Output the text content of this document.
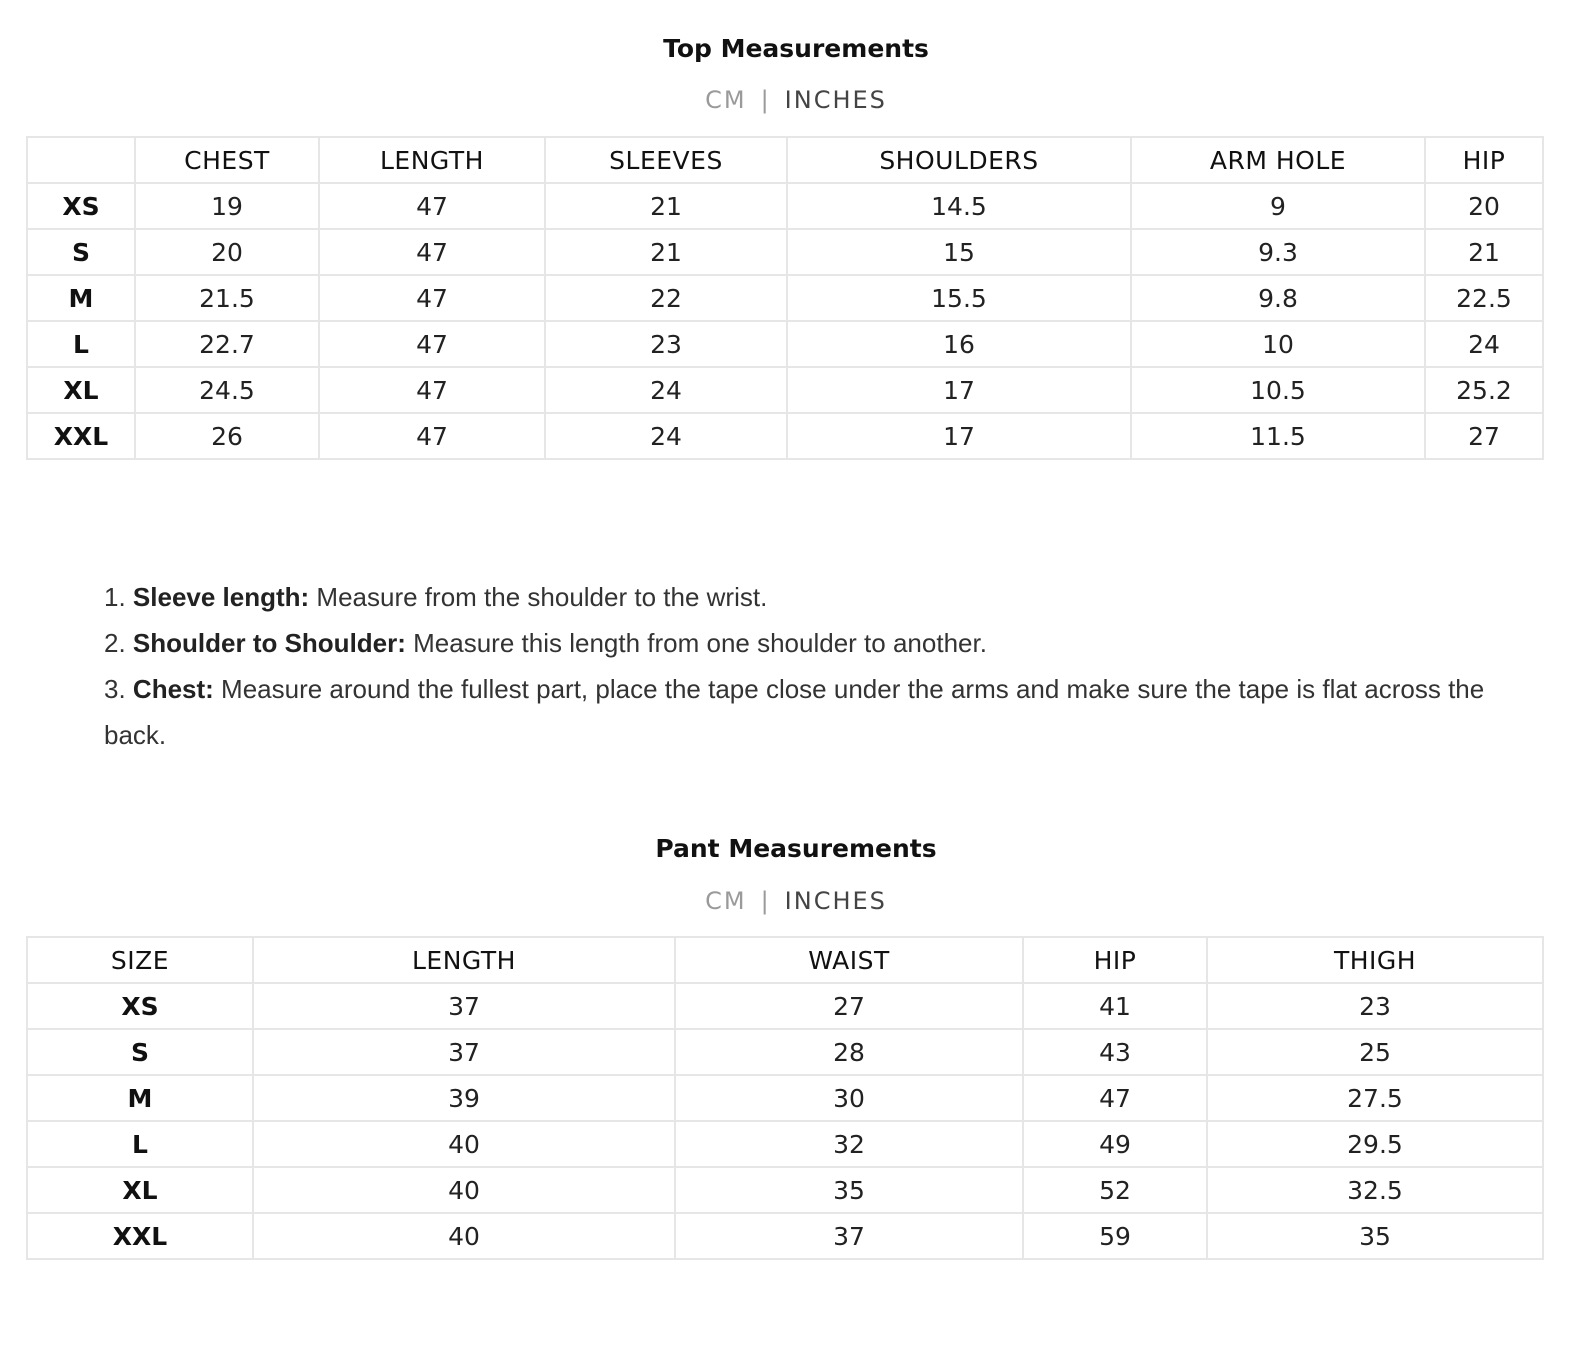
Top Measurements
CM | INCHES
	CHEST	LENGTH	SLEEVES	SHOULDERS	ARM HOLE	HIP
XS	19	47	21	14.5	9	20
S	20	47	21	15	9.3	21
M	21.5	47	22	15.5	9.8	22.5
L	22.7	47	23	16	10	24
XL	24.5	47	24	17	10.5	25.2
XXL	26	47	24	17	11.5	27

1. Sleeve length: Measure from the shoulder to the wrist.

2. Shoulder to Shoulder: Measure this length from one shoulder to another.

3. Chest: Measure around the fullest part, place the tape close under the arms and make sure the tape is flat across the back.

Pant Measurements
CM | INCHES
SIZE	LENGTH	WAIST	HIP	THIGH
XS	37	27	41	23
S	37	28	43	25
M	39	30	47	27.5
L	40	32	49	29.5
XL	40	35	52	32.5
XXL	40	37	59	35
